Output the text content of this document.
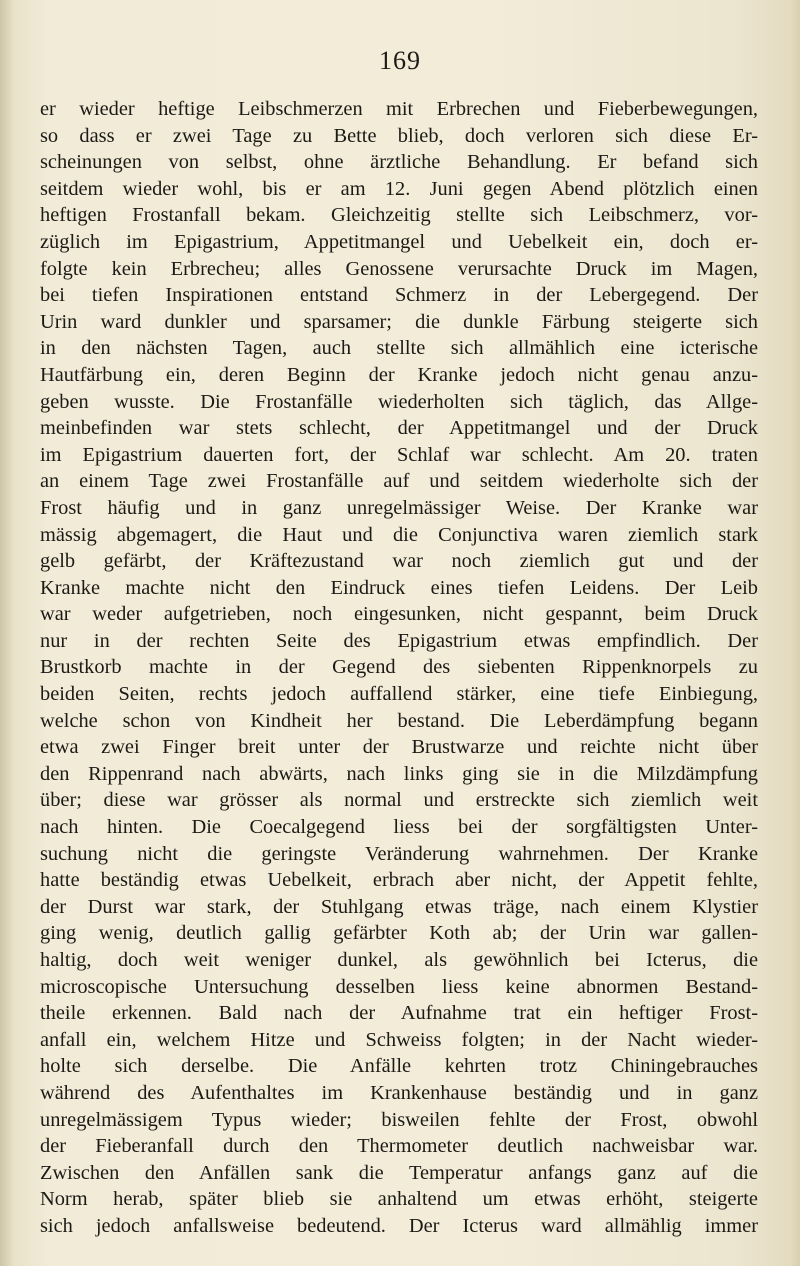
169
er wieder heftige Leibschmerzen mit Erbrechen und Fieberbewegungen,
so dass er zwei Tage zu Bette blieb, doch verloren sich diese Er-
scheinungen von selbst, ohne ärztliche Behandlung. Er befand sich
seitdem wieder wohl, bis er am 12. Juni gegen Abend plötzlich einen
heftigen Frostanfall bekam. Gleichzeitig stellte sich Leibschmerz, vor-
züglich im Epigastrium, Appetitmangel und Uebelkeit ein, doch er-
folgte kein Erbrecheu; alles Genossene verursachte Druck im Magen,
bei tiefen Inspirationen entstand Schmerz in der Lebergegend. Der
Urin ward dunkler und sparsamer; die dunkle Färbung steigerte sich
in den nächsten Tagen, auch stellte sich allmählich eine icterische
Hautfärbung ein, deren Beginn der Kranke jedoch nicht genau anzu-
geben wusste. Die Frostanfälle wiederholten sich täglich, das Allge-
meinbefinden war stets schlecht, der Appetitmangel und der Druck
im Epigastrium dauerten fort, der Schlaf war schlecht. Am 20. traten
an einem Tage zwei Frostanfälle auf und seitdem wiederholte sich der
Frost häufig und in ganz unregelmässiger Weise. Der Kranke war
mässig abgemagert, die Haut und die Conjunctiva waren ziemlich stark
gelb gefärbt, der Kräftezustand war noch ziemlich gut und der
Kranke machte nicht den Eindruck eines tiefen Leidens. Der Leib
war weder aufgetrieben, noch eingesunken, nicht gespannt, beim Druck
nur in der rechten Seite des Epigastrium etwas empfindlich. Der
Brustkorb machte in der Gegend des siebenten Rippenknorpels zu
beiden Seiten, rechts jedoch auffallend stärker, eine tiefe Einbiegung,
welche schon von Kindheit her bestand. Die Leberdämpfung begann
etwa zwei Finger breit unter der Brustwarze und reichte nicht über
den Rippenrand nach abwärts, nach links ging sie in die Milzdämpfung
über; diese war grösser als normal und erstreckte sich ziemlich weit
nach hinten. Die Coecalgegend liess bei der sorgfältigsten Unter-
suchung nicht die geringste Veränderung wahrnehmen. Der Kranke
hatte beständig etwas Uebelkeit, erbrach aber nicht, der Appetit fehlte,
der Durst war stark, der Stuhlgang etwas träge, nach einem Klystier
ging wenig, deutlich gallig gefärbter Koth ab; der Urin war gallen-
haltig, doch weit weniger dunkel, als gewöhnlich bei Icterus, die
microscopische Untersuchung desselben liess keine abnormen Bestand-
theile erkennen. Bald nach der Aufnahme trat ein heftiger Frost-
anfall ein, welchem Hitze und Schweiss folgten; in der Nacht wieder-
holte sich derselbe. Die Anfälle kehrten trotz Chiningebrauches
während des Aufenthaltes im Krankenhause beständig und in ganz
unregelmässigem Typus wieder; bisweilen fehlte der Frost, obwohl
der Fieberanfall durch den Thermometer deutlich nachweisbar war.
Zwischen den Anfällen sank die Temperatur anfangs ganz auf die
Norm herab, später blieb sie anhaltend um etwas erhöht, steigerte
sich jedoch anfallsweise bedeutend. Der Icterus ward allmählig immer
